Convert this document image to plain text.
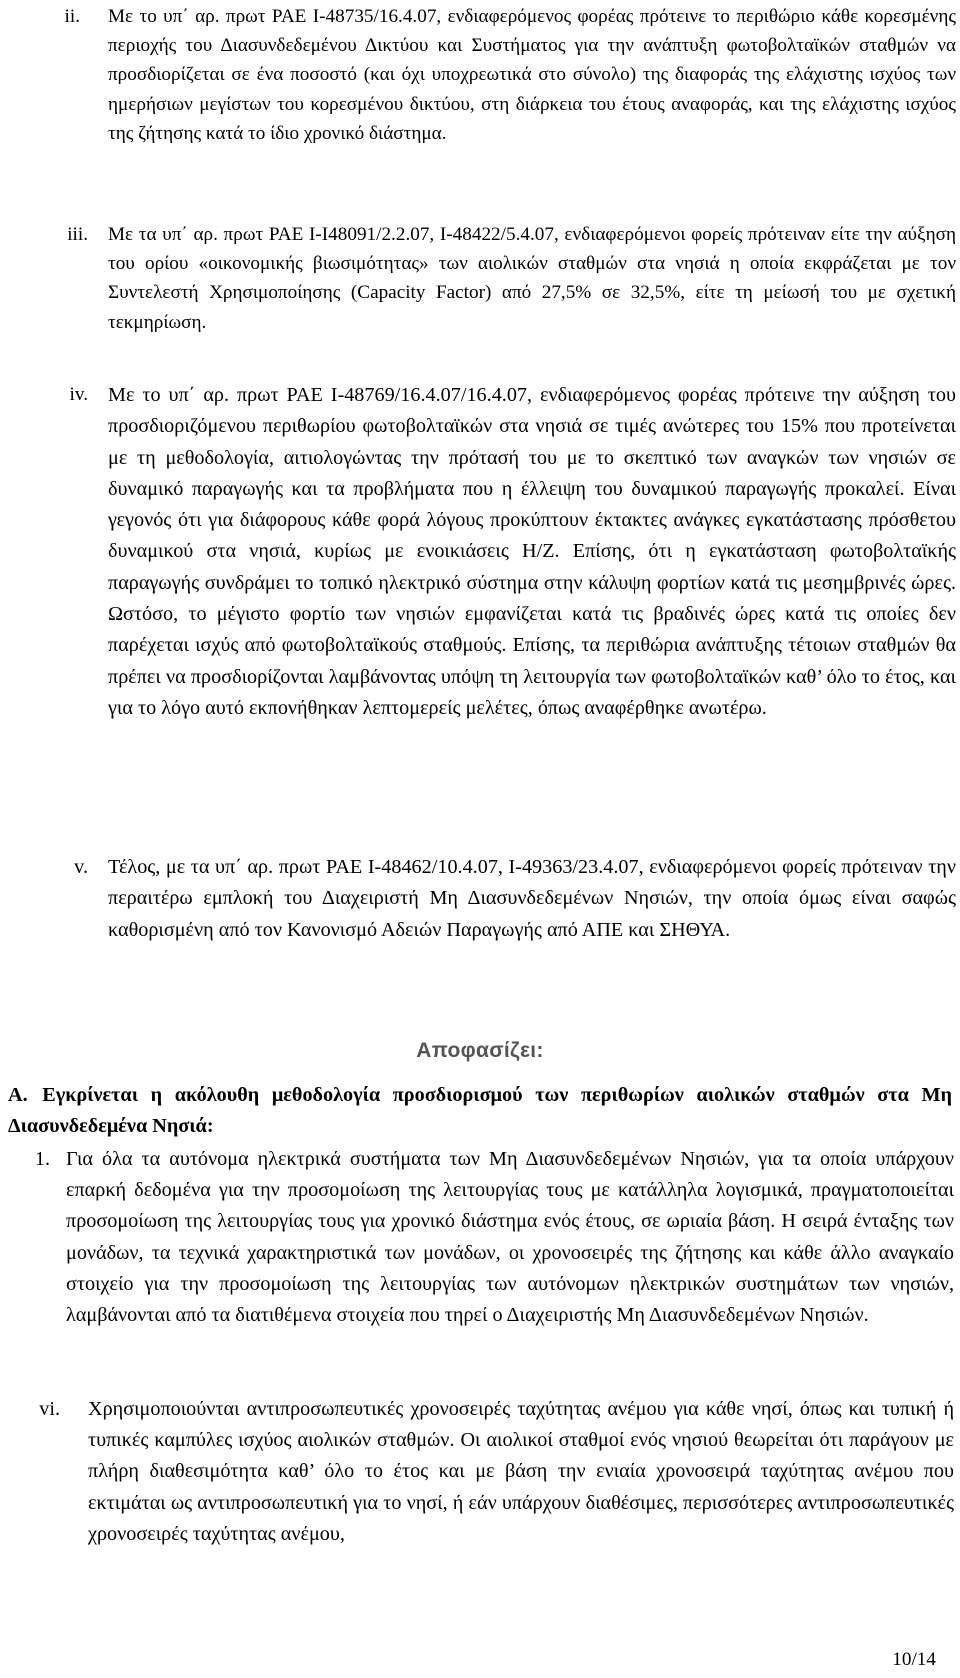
ii. Με το υπ΄ αρ. πρωτ ΡΑΕ Ι-48735/16.4.07, ενδιαφερόμενος φορέας πρότεινε το περιθώριο κάθε κορεσμένης περιοχής του Διασυνδεδεμένου Δικτύου και Συστήματος για την ανάπτυξη φωτοβολταϊκών σταθμών να προσδιορίζεται σε ένα ποσοστό (και όχι υποχρεωτικά στο σύνολο) της διαφοράς της ελάχιστης ισχύος των ημερήσιων μεγίστων του κορεσμένου δικτύου, στη διάρκεια του έτους αναφοράς, και της ελάχιστης ισχύος της ζήτησης κατά το ίδιο χρονικό διάστημα.
iii. Με τα υπ΄ αρ. πρωτ ΡΑΕ Ι-Ι48091/2.2.07, Ι-48422/5.4.07, ενδιαφερόμενοι φορείς πρότειναν είτε την αύξηση του ορίου «οικονομικής βιωσιμότητας» των αιολικών σταθμών στα νησιά η οποία εκφράζεται με τον Συντελεστή Χρησιμοποίησης (Capacity Factor) από 27,5% σε 32,5%, είτε τη μείωσή του με σχετική τεκμηρίωση.
iv. Με το υπ΄ αρ. πρωτ ΡΑΕ Ι-48769/16.4.07/16.4.07, ενδιαφερόμενος φορέας πρότεινε την αύξηση του προσδιοριζόμενου περιθωρίου φωτοβολταϊκών στα νησιά σε τιμές ανώτερες του 15% που προτείνεται με τη μεθοδολογία, αιτιολογώντας την πρότασή του με το σκεπτικό των αναγκών των νησιών σε δυναμικό παραγωγής και τα προβλήματα που η έλλειψη του δυναμικού παραγωγής προκαλεί. Είναι γεγονός ότι για διάφορους κάθε φορά λόγους προκύπτουν έκτακτες ανάγκες εγκατάστασης πρόσθετου δυναμικού στα νησιά, κυρίως με ενοικιάσεις Η/Ζ. Επίσης, ότι η εγκατάσταση φωτοβολταϊκής παραγωγής συνδράμει το τοπικό ηλεκτρικό σύστημα στην κάλυψη φορτίων κατά τις μεσημβρινές ώρες. Ωστόσο, το μέγιστο φορτίο των νησιών εμφανίζεται κατά τις βραδινές ώρες κατά τις οποίες δεν παρέχεται ισχύς από φωτοβολταϊκούς σταθμούς. Επίσης, τα περιθώρια ανάπτυξης τέτοιων σταθμών θα πρέπει να προσδιορίζονται λαμβάνοντας υπόψη τη λειτουργία των φωτοβολταϊκών καθ’ όλο το έτος, και για το λόγο αυτό εκπονήθηκαν λεπτομερείς μελέτες, όπως αναφέρθηκε ανωτέρω.
v. Τέλος, με τα υπ΄ αρ. πρωτ ΡΑΕ Ι-48462/10.4.07, Ι-49363/23.4.07, ενδιαφερόμενοι φορείς πρότειναν την περαιτέρω εμπλοκή του Διαχειριστή Μη Διασυνδεδεμένων Νησιών, την οποία όμως είναι σαφώς καθορισμένη από τον Κανονισμό Αδειών Παραγωγής από ΑΠΕ και ΣΗΘΥΑ.
Αποφασίζει:
Α. Εγκρίνεται η ακόλουθη μεθοδολογία προσδιορισμού των περιθωρίων αιολικών σταθμών στα Μη Διασυνδεδεμένα Νησιά:
1. Για όλα τα αυτόνομα ηλεκτρικά συστήματα των Μη Διασυνδεδεμένων Νησιών, για τα οποία υπάρχουν επαρκή δεδομένα για την προσομοίωση της λειτουργίας τους με κατάλληλα λογισμικά, πραγματοποιείται προσομοίωση της λειτουργίας τους για χρονικό διάστημα ενός έτους, σε ωριαία βάση. Η σειρά ένταξης των μονάδων, τα τεχνικά χαρακτηριστικά των μονάδων, οι χρονοσειρές της ζήτησης και κάθε άλλο αναγκαίο στοιχείο για την προσομοίωση της λειτουργίας των αυτόνομων ηλεκτρικών συστημάτων των νησιών, λαμβάνονται από τα διατιθέμενα στοιχεία που τηρεί ο Διαχειριστής Μη Διασυνδεδεμένων Νησιών.
vi. Χρησιμοποιούνται αντιπροσωπευτικές χρονοσειρές ταχύτητας ανέμου για κάθε νησί, όπως και τυπική ή τυπικές καμπύλες ισχύος αιολικών σταθμών. Οι αιολικοί σταθμοί ενός νησιού θεωρείται ότι παράγουν με πλήρη διαθεσιμότητα καθ’ όλο το έτος και με βάση την ενιαία χρονοσειρά ταχύτητας ανέμου που εκτιμάται ως αντιπροσωπευτική για το νησί, ή εάν υπάρχουν διαθέσιμες, περισσότερες αντιπροσωπευτικές χρονοσειρές ταχύτητας ανέμου,
10/14
